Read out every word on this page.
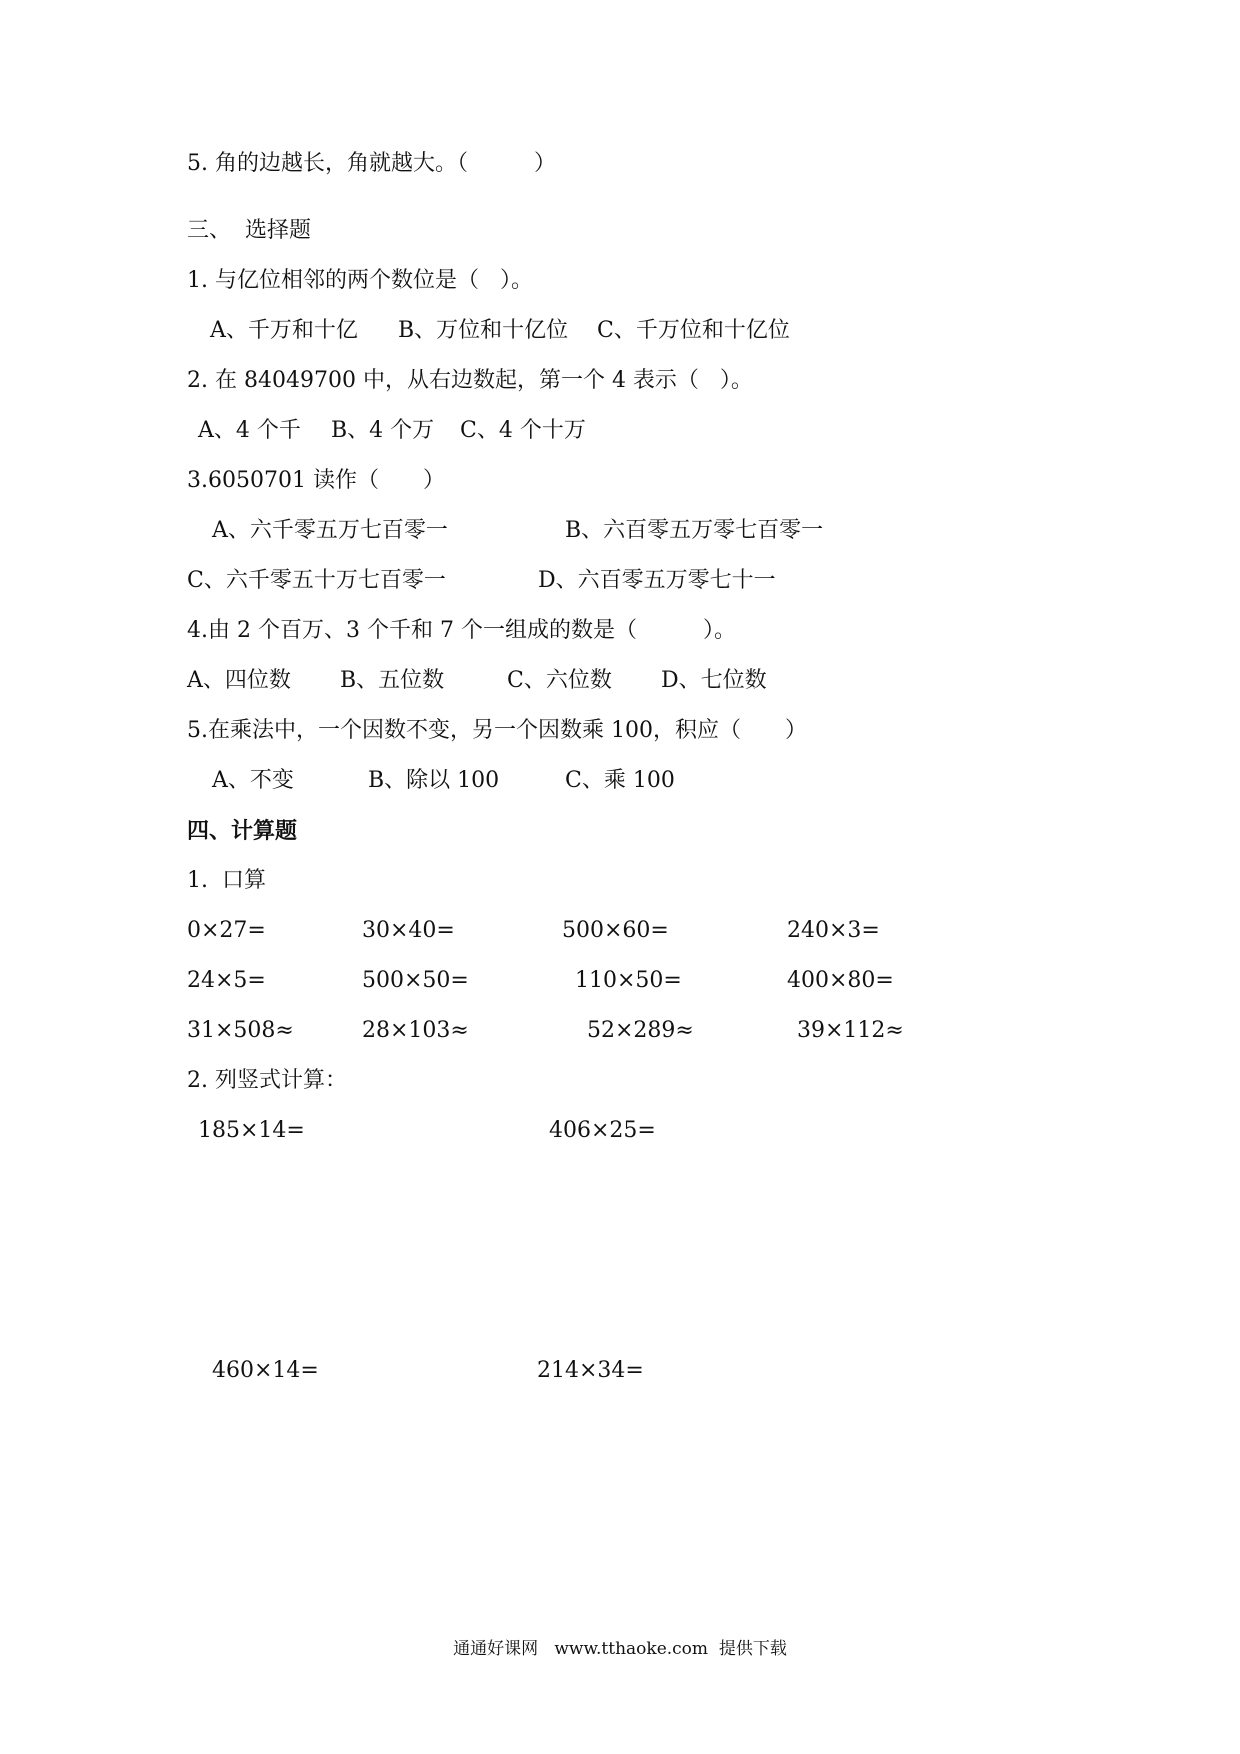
5. 角的边越长，角就越大。（　　　）
三、  选择题
1. 与亿位相邻的两个数位是（   ）。
A、千万和十亿 B、万位和十亿位 C、千万位和十亿位
2. 在 84049700 中，从右边数起，第一个 4 表示（   ）。
A、4 个千 B、4 个万 C、4 个十万
3.6050701 读作（　　）
A、六千零五万七百零一	B、六百零五万零七百零一
C、六千零五十万七百零一	D、六百零五万零七十一
4.由 2 个百万、3 个千和 7 个一组成的数是（　　　）。
A、四位数 B、五位数	C、六位数 D、七位数
5.在乘法中，一个因数不变，另一个因数乘 100，积应（　　）
A、不变	B、除以 100	C、乘 100
四、计算题
1.  口算
0×27=	30×40=	500×60=	240×3=
24×5=	500×50=	110×50=	400×80=
31×508≈	28×103≈	52×289≈	39×112≈
2. 列竖式计算：
185×14=	406×25=
460×14=	214×34=
通通好课网   www.tthaoke.com  提供下载
